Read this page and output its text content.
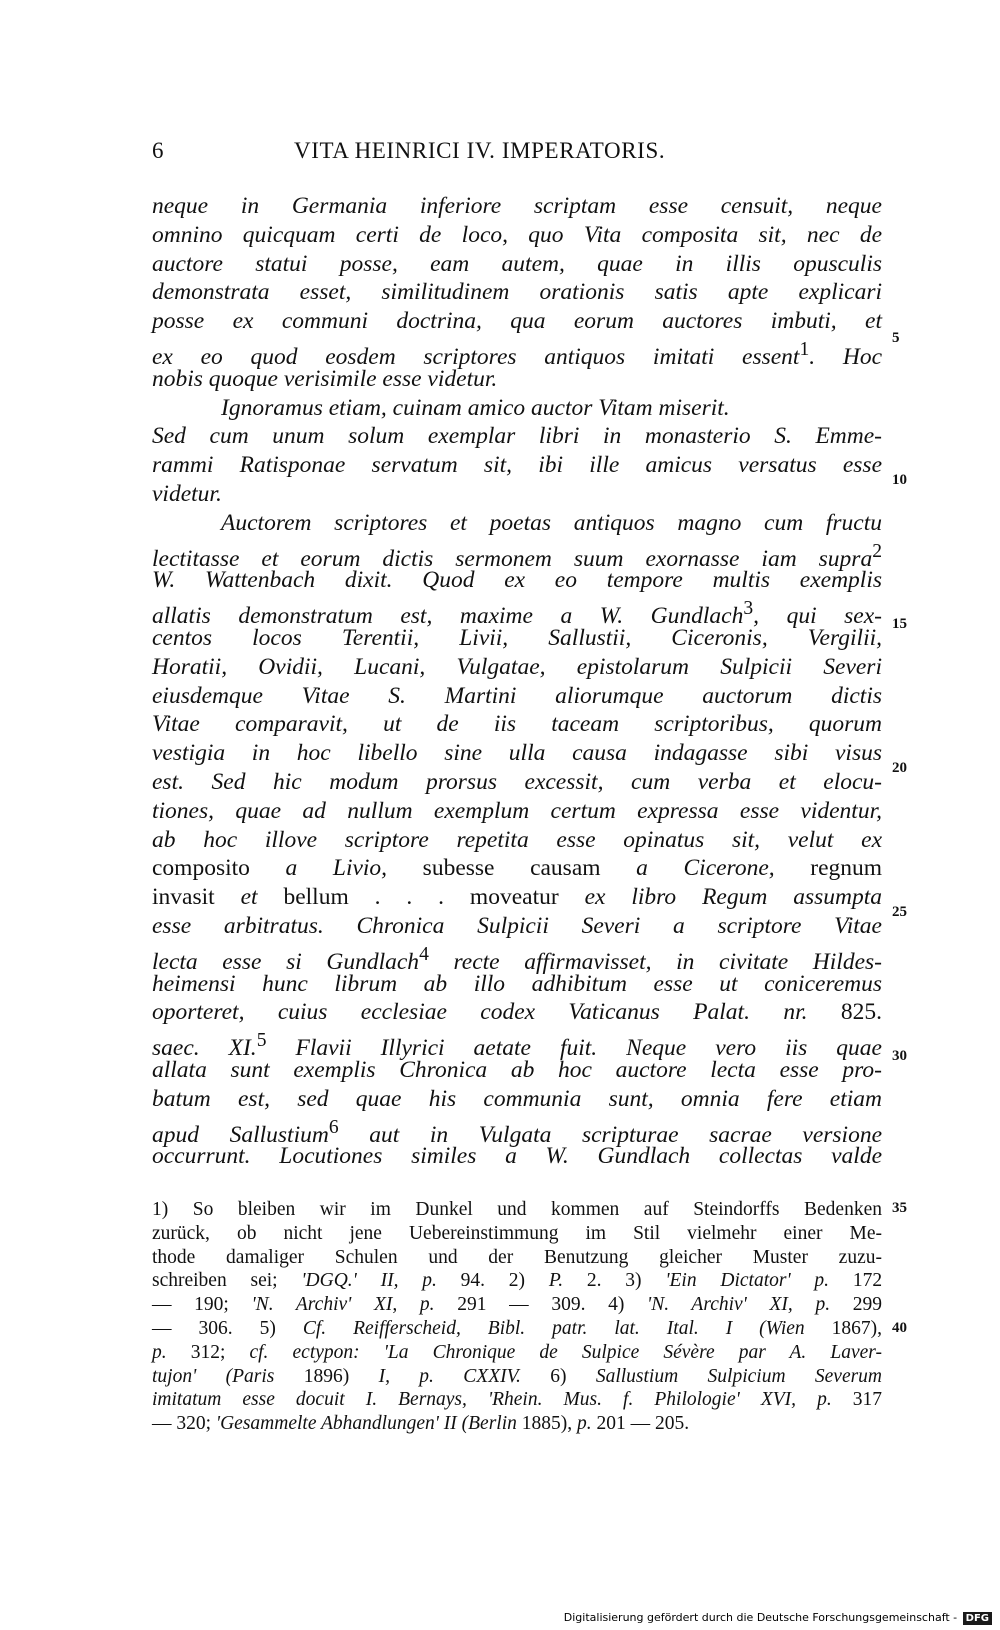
6	VITA HEINRICI IV. IMPERATORIS.
neque in Germania inferiore scriptam esse censuit, neque
omnino quicquam certi de loco, quo Vita composita sit, nec de
auctore statui posse, eam autem, quae in illis opusculis
demonstrata esset, similitudinem orationis satis apte explicari
posse ex communi doctrina, qua eorum auctores imbuti, et
ex eo quod eosdem scriptores antiquos imitati essent$^1$. Hoc
nobis quoque verisimile esse videtur.
Ignoramus etiam, cuinam amico auctor Vitam miserit.
Sed cum unum solum exemplar libri in monasterio S. Emme-
rammi Ratisponae servatum sit, ibi ille amicus versatus esse
videtur.
Auctorem scriptores et poetas antiquos magno cum fructu
lectitasse et eorum dictis sermonem suum exornasse iam supra$^2$
W. Wattenbach dixit. Quod ex eo tempore multis exemplis
allatis demonstratum est, maxime a W. Gundlach$^3$, qui sex-
centos locos Terentii, Livii, Sallustii, Ciceronis, Vergilii,
Horatii, Ovidii, Lucani, Vulgatae, epistolarum Sulpicii Severi
eiusdemque Vitae S. Martini aliorumque auctorum dictis
Vitae comparavit, ut de iis taceam scriptoribus, quorum
vestigia in hoc libello sine ulla causa indagasse sibi visus
est. Sed hic modum prorsus excessit, cum verba et elocu-
tiones, quae ad nullum exemplum certum expressa esse videntur,
ab hoc illove scriptore repetita esse opinatus sit, velut ex
composito a Livio, subesse causam a Cicerone, regnum
invasit et bellum . . . moveatur ex libro Regum assumpta
esse arbitratus. Chronica Sulpicii Severi a scriptore Vitae
lecta esse si Gundlach$^4$ recte affirmavisset, in civitate Hildes-
heimensi hunc librum ab illo adhibitum esse ut coniceremus
oporteret, cuius ecclesiae codex Vaticanus Palat. nr. 825.
saec. XI.$^5$ Flavii Illyrici aetate fuit. Neque vero iis quae
allata sunt exemplis Chronica ab hoc auctore lecta esse pro-
batum est, sed quae his communia sunt, omnia fere etiam
apud Sallustium$^6$ aut in Vulgata scripturae sacrae versione
occurrunt. Locutiones similes a W. Gundlach collectas valde
1) So bleiben wir im Dunkel und kommen auf Steindorffs Bedenken
zurück, ob nicht jene Uebereinstimmung im Stil vielmehr einer Me-
thode damaliger Schulen und der Benutzung gleicher Muster zuzu-
schreiben sei; 'DGQ.' II, p. 94. 2) P. 2. 3) 'Ein Dictator' p. 172
— 190; 'N. Archiv' XI, p. 291 — 309. 4) 'N. Archiv' XI, p. 299
— 306. 5) Cf. Reifferscheid, Bibl. patr. lat. Ital. I (Wien 1867),
p. 312; cf. ectypon: 'La Chronique de Sulpice Sévère par A. Laver-
tujon' (Paris 1896) I, p. CXXIV. 6) Sallustium Sulpicium Severum
imitatum esse docuit I. Bernays, 'Rhein. Mus. f. Philologie' XVI, p. 317
— 320; 'Gesammelte Abhandlungen' II (Berlin 1885), p. 201 — 205.
5
10
15
20
25
30
35
40
Digitalisierung gefördert durch die Deutsche Forschungsgemeinschaft - DFG
